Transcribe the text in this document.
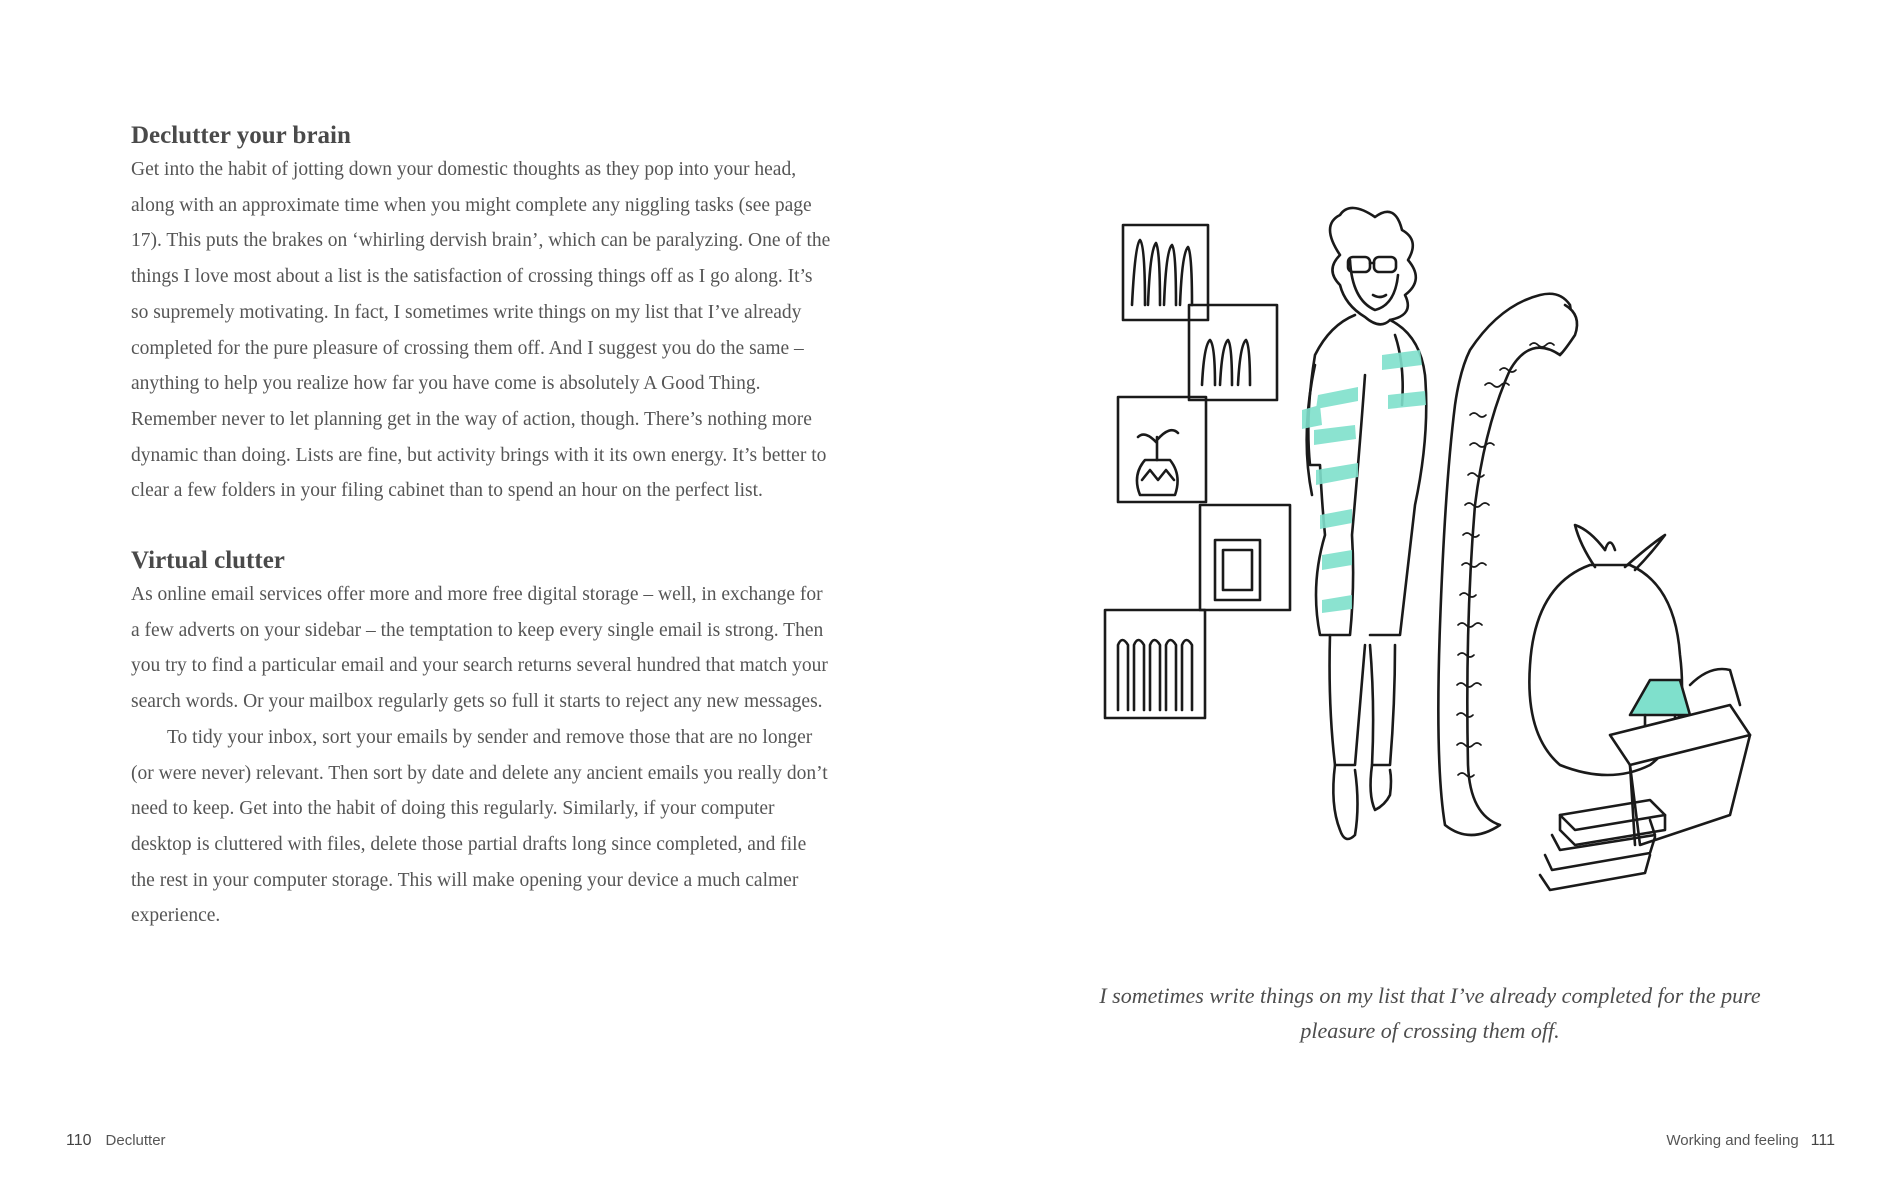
Declutter your brain

Get into the habit of jotting down your domestic thoughts as they pop into your head, along with an approximate time when you might complete any niggling tasks (see page 17). This puts the brakes on ‘whirling dervish brain’, which can be paralyzing. One of the things I love most about a list is the satisfaction of crossing things off as I go along. It’s so supremely motivating. In fact, I sometimes write things on my list that I’ve already completed for the pure pleasure of crossing them off. And I suggest you do the same – anything to help you realize how far you have come is absolutely A Good Thing. Remember never to let planning get in the way of action, though. There’s nothing more dynamic than doing. Lists are fine, but activity brings with it its own energy. It’s better to clear a few folders in your filing cabinet than to spend an hour on the perfect list.

Virtual clutter

As online email services offer more and more free digital storage – well, in exchange for a few adverts on your sidebar – the temptation to keep every single email is strong. Then you try to find a particular email and your search returns several hundred that match your search words. Or your mailbox regularly gets so full it starts to reject any new messages.

To tidy your inbox, sort your emails by sender and remove those that are no longer (or were never) relevant. Then sort by date and delete any ancient emails you really don’t need to keep. Get into the habit of doing this regularly. Similarly, if your computer desktop is cluttered with files, delete those partial drafts long since completed, and file the rest in your computer storage. This will make opening your device a much calmer experience.

I sometimes write things on my list that I’ve already completed for the pure pleasure of crossing them off.
110 Declutter	Working and feeling 111
